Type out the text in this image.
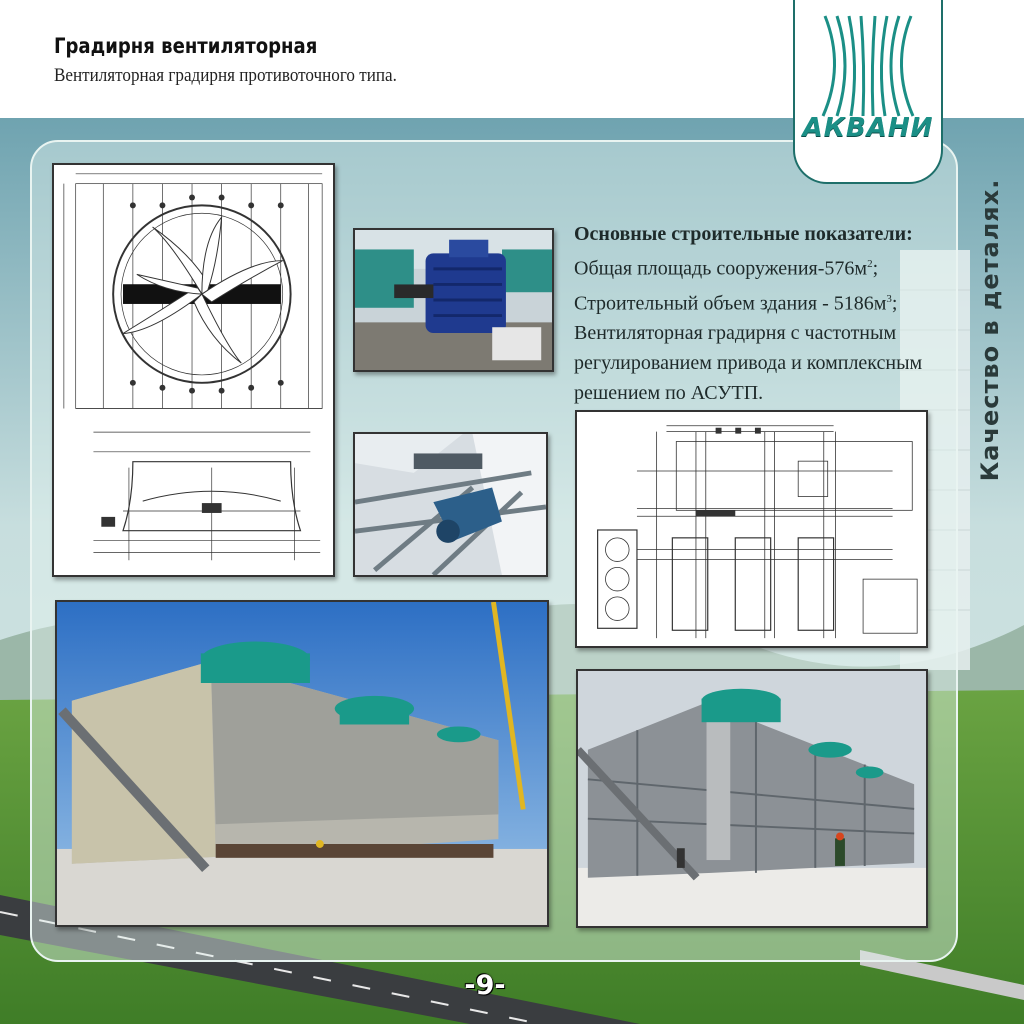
Градирня вентиляторная
Вентиляторная градирня противоточного типа.
АКВАНИ
Качество в деталях.
Основные строительные показатели:
Общая площадь сооружения-$576м^2$;
Строительный объем здания - $5186м^3$;
Вентиляторная градирня с частотным
регулированием привода и комплексным
решением по АСУТП.
-9-
